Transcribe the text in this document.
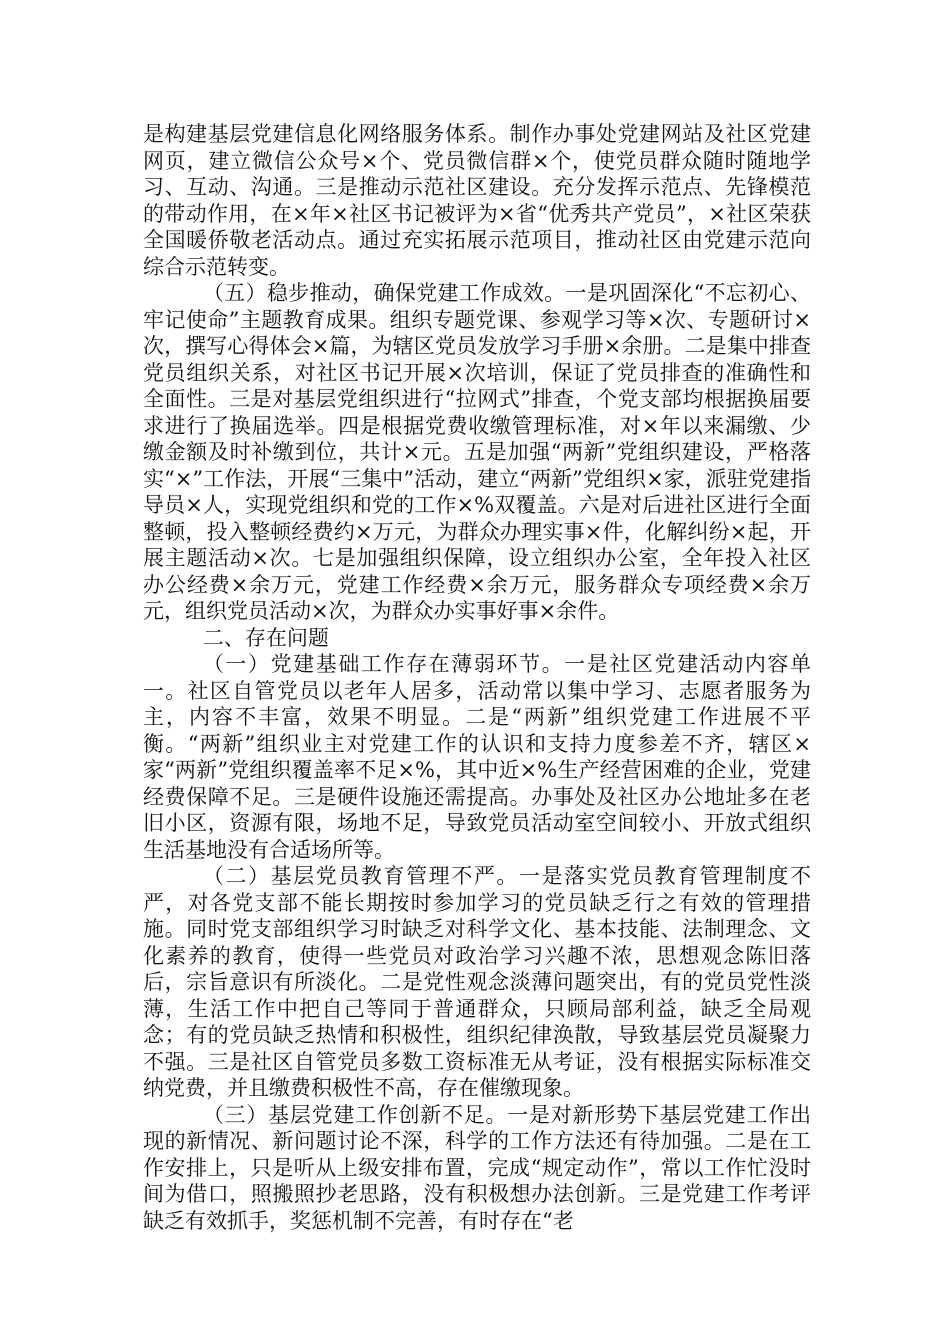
是构建基层党建信息化网络服务体系。制作办事处党建网站及社区党建网页，建立微信公众号×个、党员微信群×个，使党员群众随时随地学习、互动、沟通。三是推动示范社区建设。充分发挥示范点、先锋模范的带动作用，在×年×社区书记被评为×省“优秀共产党员”，×社区荣获全国暖侨敬老活动点。通过充实拓展示范项目，推动社区由党建示范向综合示范转变。

（五）稳步推动，确保党建工作成效。一是巩固深化“不忘初心、牢记使命”主题教育成果。组织专题党课、参观学习等×次、专题研讨×次，撰写心得体会×篇，为辖区党员发放学习手册×余册。二是集中排查党员组织关系，对社区书记开展×次培训，保证了党员排查的准确性和全面性。三是对基层党组织进行“拉网式”排查，个党支部均根据换届要求进行了换届选举。四是根据党费收缴管理标准，对×年以来漏缴、少缴金额及时补缴到位，共计×元。五是加强“两新”党组织建设，严格落实“×”工作法，开展“三集中”活动，建立“两新”党组织×家，派驻党建指导员×人，实现党组织和党的工作×%双覆盖。六是对后进社区进行全面整顿，投入整顿经费约×万元，为群众办理实事×件，化解纠纷×起，开展主题活动×次。七是加强组织保障，设立组织办公室，全年投入社区办公经费×余万元，党建工作经费×余万元，服务群众专项经费×余万元，组织党员活动×次，为群众办实事好事×余件。

二、存在问题

（一）党建基础工作存在薄弱环节。一是社区党建活动内容单一。社区自管党员以老年人居多，活动常以集中学习、志愿者服务为主，内容不丰富，效果不明显。二是“两新”组织党建工作进展不平衡。“两新”组织业主对党建工作的认识和支持力度参差不齐，辖区×家“两新”党组织覆盖率不足×%，其中近×%生产经营困难的企业，党建经费保障不足。三是硬件设施还需提高。办事处及社区办公地址多在老旧小区，资源有限，场地不足，导致党员活动室空间较小、开放式组织生活基地没有合适场所等。

（二）基层党员教育管理不严。一是落实党员教育管理制度不严，对各党支部不能长期按时参加学习的党员缺乏行之有效的管理措施。同时党支部组织学习时缺乏对科学文化、基本技能、法制理念、文化素养的教育，使得一些党员对政治学习兴趣不浓，思想观念陈旧落后，宗旨意识有所淡化。二是党性观念淡薄问题突出，有的党员党性淡薄，生活工作中把自己等同于普通群众，只顾局部利益，缺乏全局观念；有的党员缺乏热情和积极性，组织纪律涣散，导致基层党员凝聚力不强。三是社区自管党员多数工资标准无从考证，没有根据实际标准交纳党费，并且缴费积极性不高，存在催缴现象。

（三）基层党建工作创新不足。一是对新形势下基层党建工作出现的新情况、新问题讨论不深，科学的工作方法还有待加强。二是在工作安排上，只是听从上级安排布置，完成“规定动作”，常以工作忙没时间为借口，照搬照抄老思路，没有积极想办法创新。三是党建工作考评缺乏有效抓手，奖惩机制不完善，有时存在“老
